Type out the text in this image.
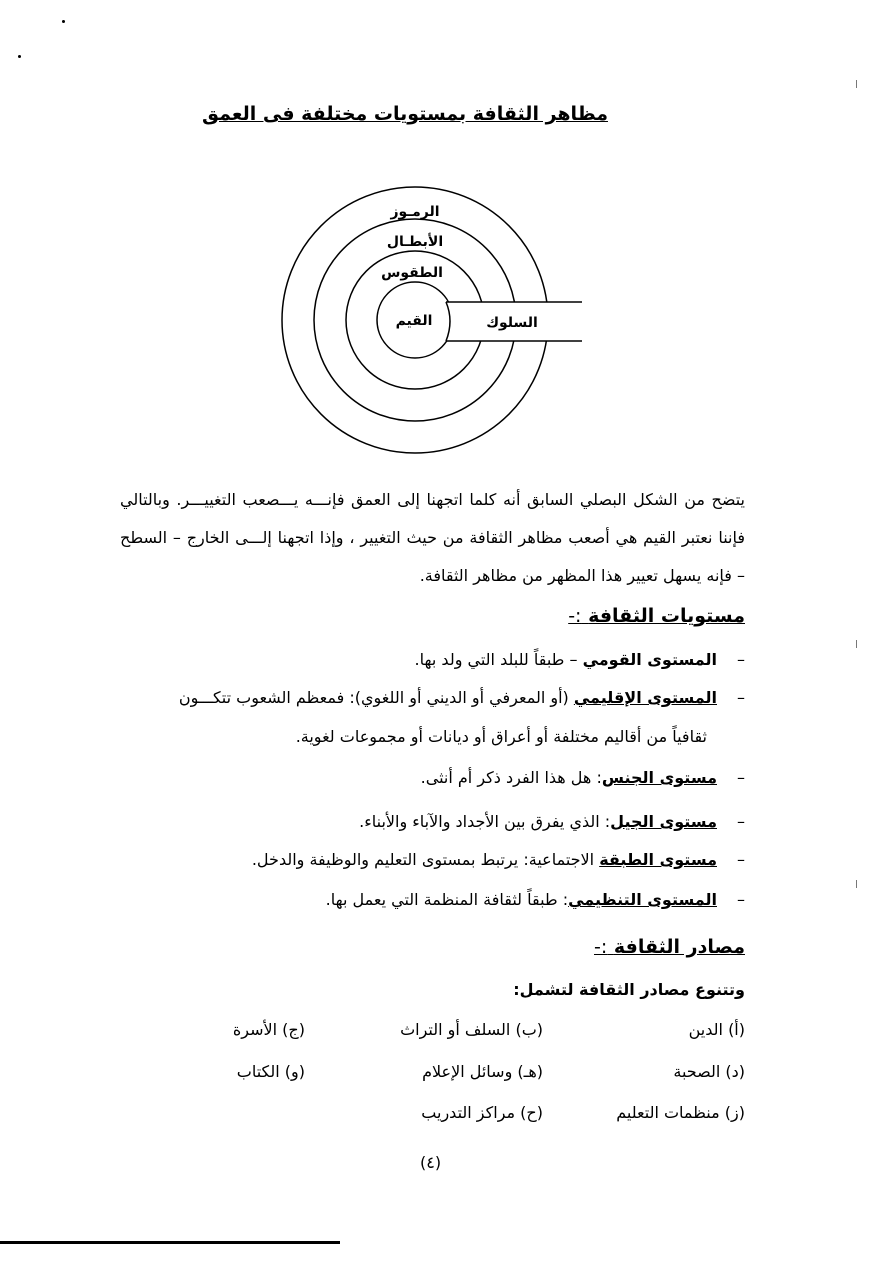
مظاهر الثقافة بمستويات مختلفة فى العمق
الرمـوز
الأبطـال
الطقوس
القيم	السلوك
يتضح من الشكل البصلي السابق أنه كلما اتجهنا إلى العمق فإنـــه يـــصعب التغييـــر. وبالتالي فإننا نعتبر القيم هي أصعب مظاهر الثقافة من حيث التغيير ، وإذا اتجهنا إلـــى الخارج – السطح – فإنه يسهل تعيير هذا المظهر من مظاهر الثقافة.
مستويات الثقافة :-
–المستوى القومي – طبقاً للبلد التي ولد بها.
–المستوى الإقليمي (أو المعرفي أو الديني أو اللغوي): فمعظم الشعوب تتكـــون
ثقافياً من أقاليم مختلفة أو أعراق أو ديانات أو مجموعات لغوية.
–مستوى الجنس: هل هذا الفرد ذكر أم أنثى.
–مستوى الجيل: الذي يفرق بين الأجداد والآباء والأبناء.
–مستوى الطبقة الاجتماعية: يرتبط بمستوى التعليم والوظيفة والدخل.
–المستوى التنظيمي: طبقاً لثقافة المنظمة التي يعمل بها.
مصادر الثقافة :-
وتتنوع مصادر الثقافة لتشمل:
(أ) الدين
(ب) السلف أو التراث
(ج) الأسرة
(د) الصحبة
(هـ) وسائل الإعلام
(و) الكتاب
(ز) منظمات التعليم
(ح) مراكز التدريب
(٤)
